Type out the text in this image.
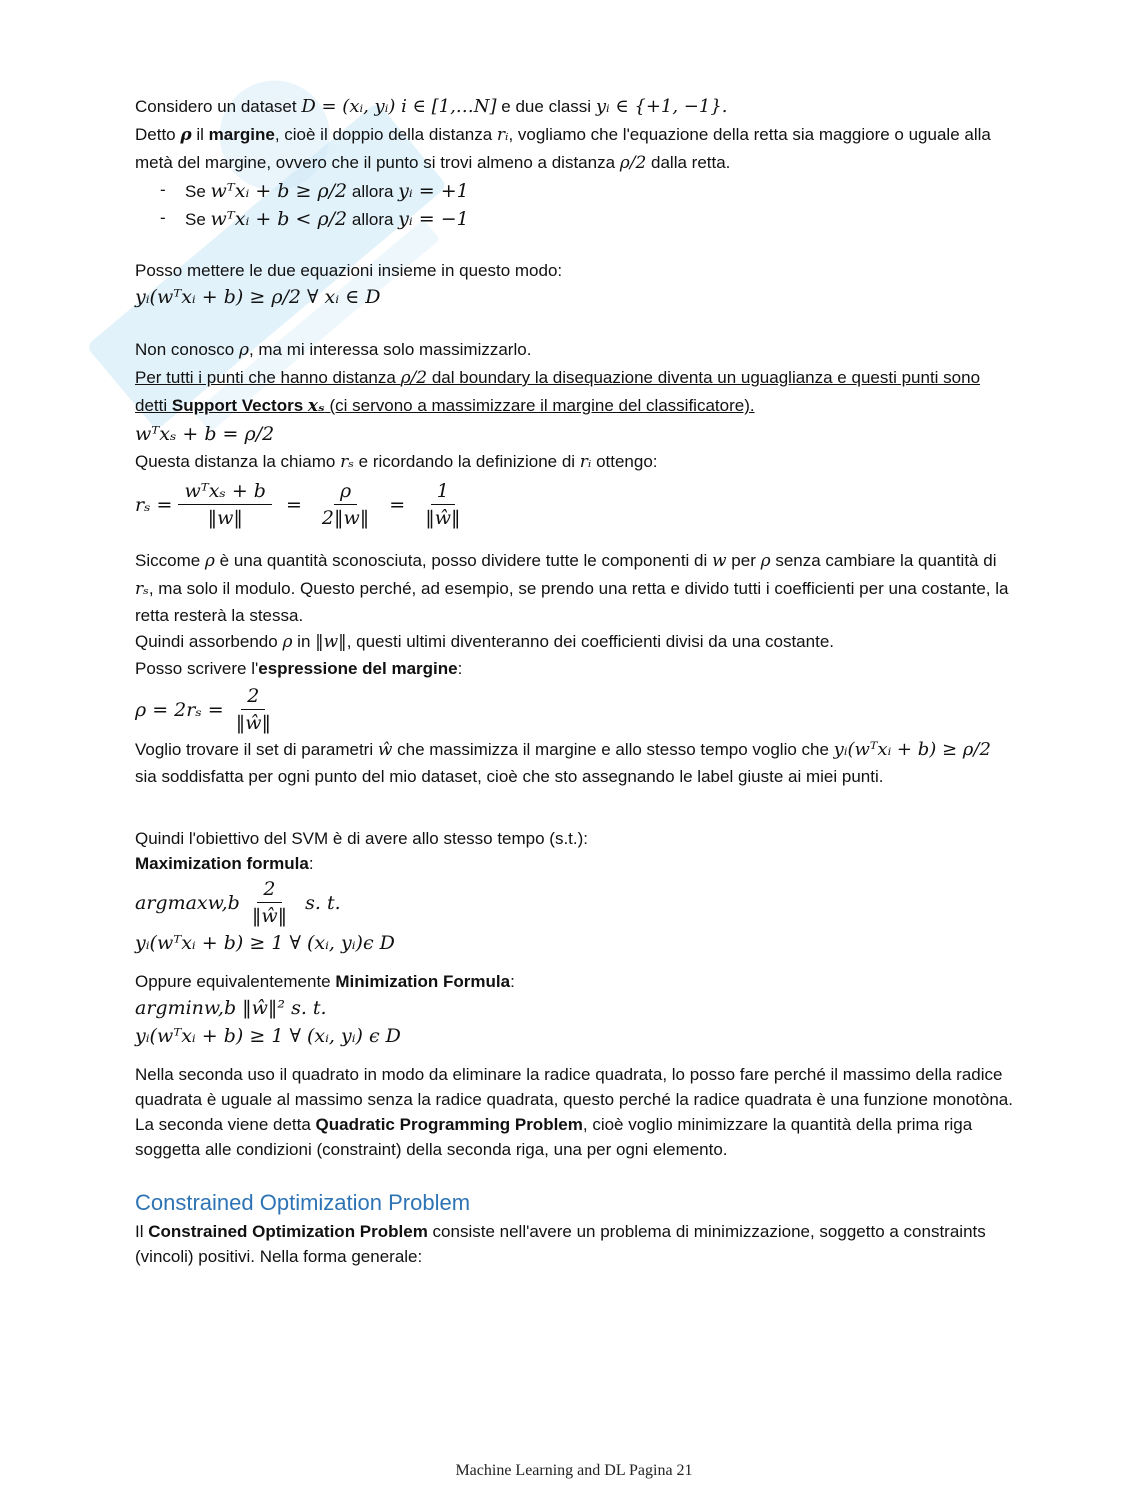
Considero un dataset D = (xᵢ, yᵢ) i ∈ [1,…N] e due classi yᵢ ∈ {+1, −1}.

Detto ρ il margine, cioè il doppio della distanza rᵢ, vogliamo che l'equazione della retta sia maggiore o uguale alla metà del margine, ovvero che il punto si trovi almeno a distanza ρ/2 dalla retta.

-	Se wᵀxᵢ + b ≥ ρ/2 allora yᵢ = +1
-	Se wᵀxᵢ + b < ρ/2 allora yᵢ = −1

Posso mettere le due equazioni insieme in questo modo:

yᵢ(wᵀxᵢ + b) ≥ ρ/2 ∀ xᵢ ∈ D

Non conosco ρ, ma mi interessa solo massimizzarlo.

Per tutti i punti che hanno distanza ρ/2 dal boundary la disequazione diventa un uguaglianza e questi punti sono detti Support Vectors xₛ (ci servono a massimizzare il margine del classificatore).

wᵀxₛ + b = ρ/2

Questa distanza la chiamo rₛ e ricordando la definizione di rᵢ ottengo:

$r_s = \frac{\text{wᵀxₛ + b}}{‖w‖} = \frac{\rho}{2‖w‖} = \frac{1}{‖ŵ‖}$

Siccome ρ è una quantità sconosciuta, posso dividere tutte le componenti di w per ρ senza cambiare la quantità di rₛ, ma solo il modulo. Questo perché, ad esempio, se prendo una retta e divido tutti i coefficienti per una costante, la retta resterà la stessa.

Quindi assorbendo ρ in ‖w‖, questi ultimi diventeranno dei coefficienti divisi da una costante.

Posso scrivere l'espressione del margine:

$\rho = 2r_s = \frac{2}{‖ŵ‖}$

Voglio trovare il set di parametri ŵ che massimizza il margine e allo stesso tempo voglio che yᵢ(wᵀxᵢ + b) ≥ ρ/2 sia soddisfatta per ogni punto del mio dataset, cioè che sto assegnando le label giuste ai miei punti.

Quindi l'obiettivo del SVM è di avere allo stesso tempo (s.t.):

Maximization formula:

$argmaxw,b \frac{2}{‖ŵ‖} s$. t.

yᵢ(wᵀxᵢ + b) ≥ 1 ∀ (xᵢ, yᵢ)ϵ D

Oppure equivalentemente Minimization Formula:

argminw,b ‖ŵ‖² s. t.

yᵢ(wᵀxᵢ + b) ≥ 1 ∀ (xᵢ, yᵢ) ϵ D

Nella seconda uso il quadrato in modo da eliminare la radice quadrata, lo posso fare perché il massimo della radice quadrata è uguale al massimo senza la radice quadrata, questo perché la radice quadrata è una funzione monotòna.

La seconda viene detta Quadratic Programming Problem, cioè voglio minimizzare la quantità della prima riga soggetta alle condizioni (constraint) della seconda riga, una per ogni elemento.

Constrained Optimization Problem

Il Constrained Optimization Problem consiste nell'avere un problema di minimizzazione, soggetto a constraints (vincoli) positivi. Nella forma generale:

Machine Learning and DL Pagina 21
